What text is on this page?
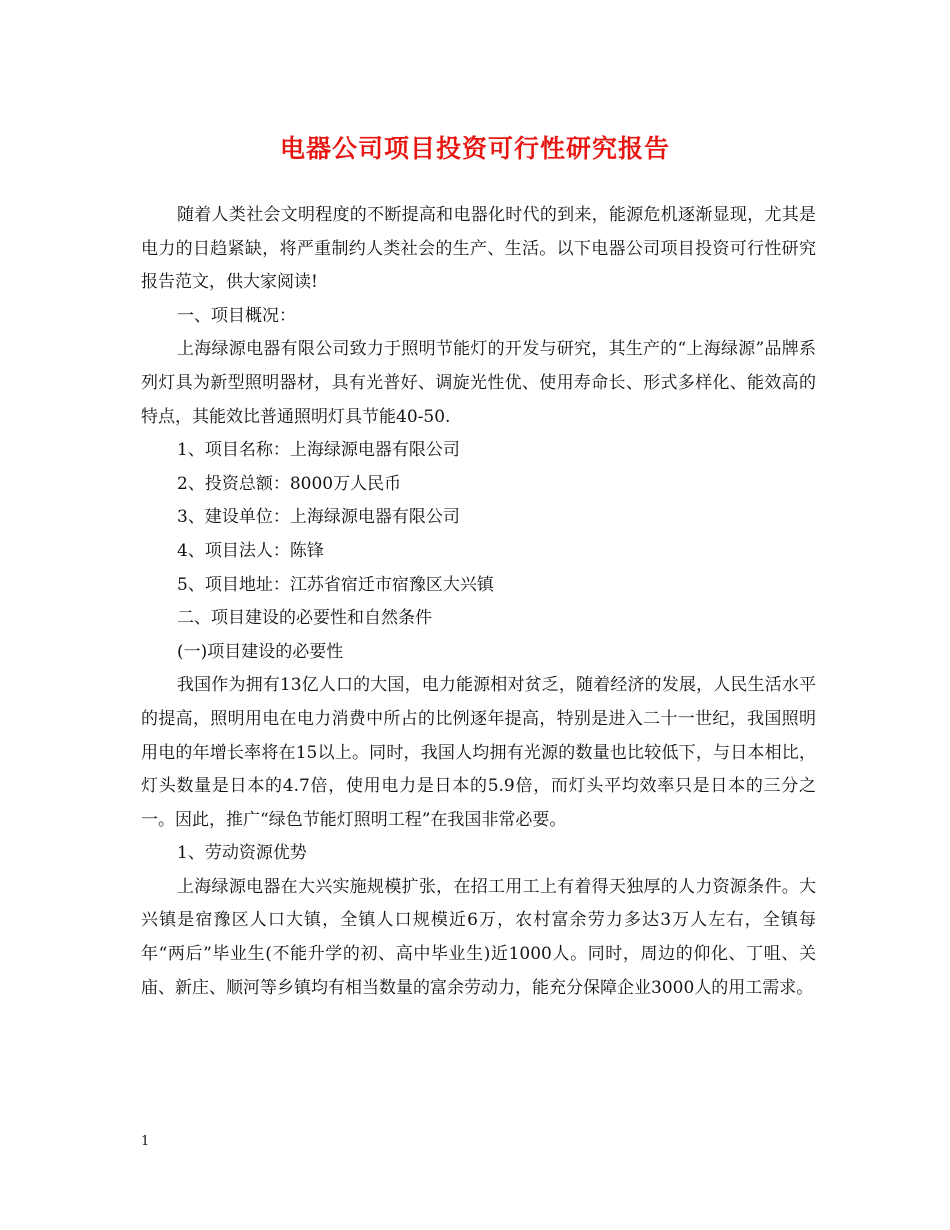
电器公司项目投资可行性研究报告

随着人类社会文明程度的不断提高和电器化时代的到来，能源危机逐渐显现，尤其是电力的日趋紧缺，将严重制约人类社会的生产、生活。以下电器公司项目投资可行性研究报告范文，供大家阅读!

一、项目概况：

上海绿源电器有限公司致力于照明节能灯的开发与研究，其生产的“上海绿源”品牌系列灯具为新型照明器材，具有光普好、调旋光性优、使用寿命长、形式多样化、能效高的特点，其能效比普通照明灯具节能40-50.

1、项目名称：上海绿源电器有限公司

2、投资总额：8000万人民币

3、建设单位：上海绿源电器有限公司

4、项目法人：陈锋

5、项目地址：江苏省宿迁市宿豫区大兴镇

二、项目建设的必要性和自然条件

(一)项目建设的必要性

我国作为拥有13亿人口的大国，电力能源相对贫乏，随着经济的发展，人民生活水平的提高，照明用电在电力消费中所占的比例逐年提高，特别是进入二十一世纪，我国照明用电的年增长率将在15以上。同时，我国人均拥有光源的数量也比较低下，与日本相比，灯头数量是日本的4.7倍，使用电力是日本的5.9倍，而灯头平均效率只是日本的三分之一。因此，推广“绿色节能灯照明工程”在我国非常必要。

1、劳动资源优势

上海绿源电器在大兴实施规模扩张，在招工用工上有着得天独厚的人力资源条件。大兴镇是宿豫区人口大镇，全镇人口规模近6万，农村富余劳力多达3万人左右，全镇每年“两后”毕业生(不能升学的初、高中毕业生)近1000人。同时，周边的仰化、丁咀、关庙、新庄、顺河等乡镇均有相当数量的富余劳动力，能充分保障企业3000人的用工需求。

1
